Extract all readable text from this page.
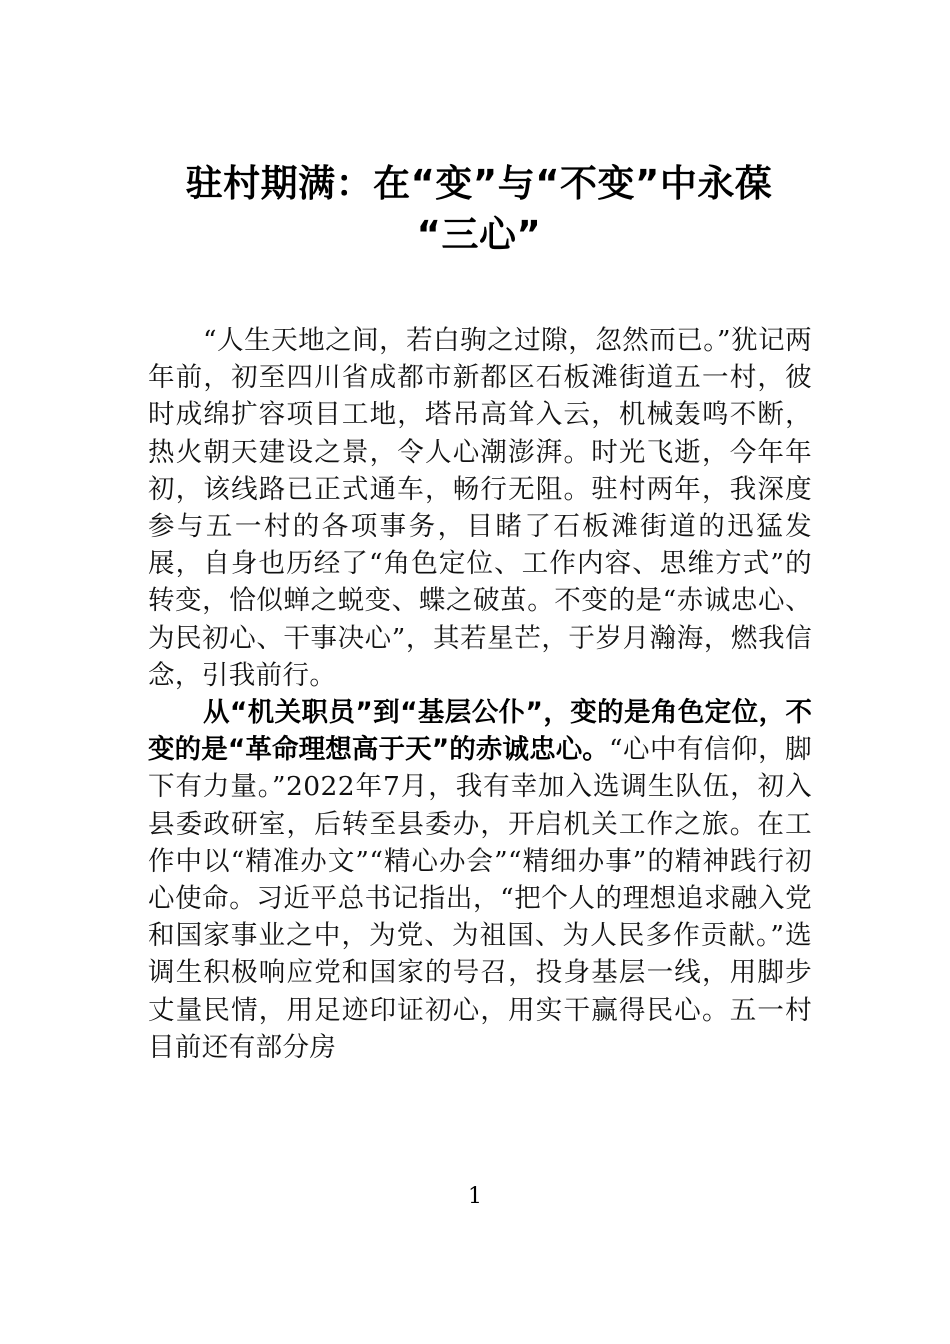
驻村期满：在“变”与“不变”中永葆
“三心”

“人生天地之间，若白驹之过隙，忽然而已。”犹记两年前，初至四川省成都市新都区石板滩街道五一村，彼时成绵扩容项目工地，塔吊高耸入云，机械轰鸣不断，热火朝天建设之景，令人心潮澎湃。时光飞逝，今年年初，该线路已正式通车，畅行无阻。驻村两年，我深度参与五一村的各项事务，目睹了石板滩街道的迅猛发展，自身也历经了“角色定位、工作内容、思维方式”的转变，恰似蝉之蜕变、蝶之破茧。不变的是“赤诚忠心、为民初心、干事决心”，其若星芒，于岁月瀚海，燃我信念，引我前行。

从“机关职员”到“基层公仆”，变的是角色定位，不变的是“革命理想高于天”的赤诚忠心。“心中有信仰，脚下有力量。”2022年7月，我有幸加入选调生队伍，初入县委政研室，后转至县委办，开启机关工作之旅。在工作中以“精准办文”“精心办会”“精细办事”的精神践行初心使命。习近平总书记指出，“把个人的理想追求融入党和国家事业之中，为党、为祖国、为人民多作贡献。”选调生积极响应党和国家的号召，投身基层一线，用脚步丈量民情，用足迹印证初心，用实干赢得民心。五一村目前还有部分房

1
